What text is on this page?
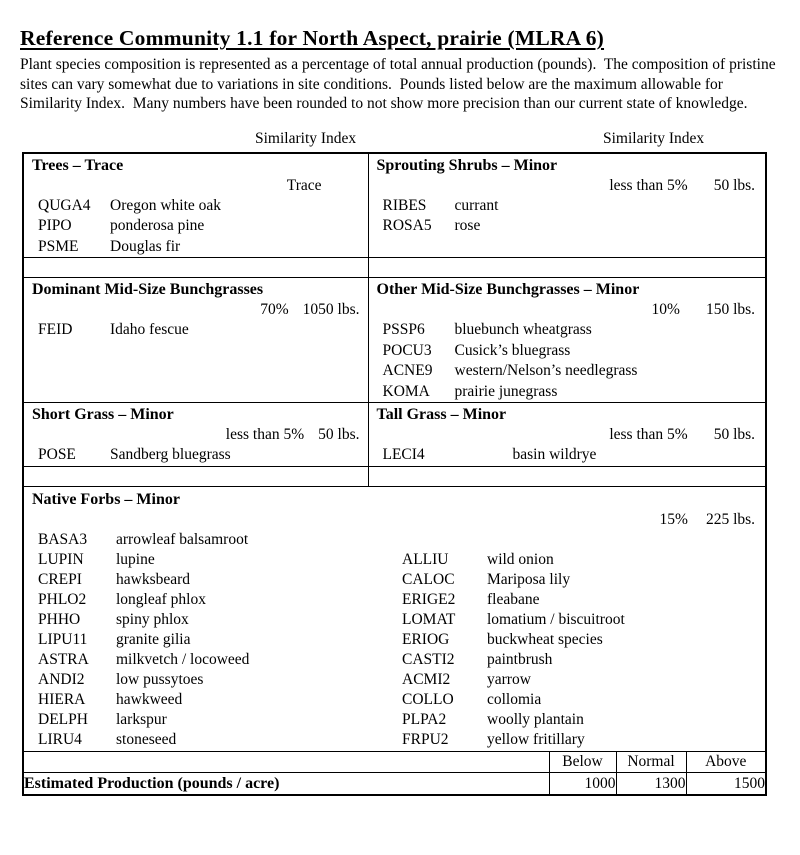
Reference Community 1.1 for North Aspect, prairie (MLRA 6)
Plant species composition is represented as a percentage of total annual production (pounds).  The composition of pristine sites can vary somewhat due to variations in site conditions.  Pounds listed below are the maximum allowable for Similarity Index.  Many numbers have been rounded to not show more precision than our current state of knowledge.
Similarity Index	Similarity Index
Trees – Trace
Trace
QUGA4	Oregon white oak
PIPO	ponderosa pine
PSME	Douglas fir

Sprouting Shrubs – Minor
less than 5% 50 lbs.
RIBES	currant
ROSA5	rose

Dominant Mid-Size Bunchgrasses
70% 1050 lbs.
FEID	Idaho fescue

Other Mid-Size Bunchgrasses – Minor
10% 150 lbs.
PSSP6	bluebunch wheatgrass
POCU3	Cusick’s bluegrass
ACNE9	western/Nelson’s needlegrass
KOMA	prairie junegrass

Short Grass – Minor
less than 5% 50 lbs.
POSE	Sandberg bluegrass

Tall Grass – Minor
less than 5% 50 lbs.
LECI4	basin wildrye

Native Forbs – Minor
15% 225 lbs.
BASA3	arrowleaf balsamroot
LUPIN	lupine	ALLIU	wild onion
CREPI	hawksbeard	CALOC	Mariposa lily
PHLO2	longleaf phlox	ERIGE2	fleabane
PHHO	spiny phlox	LOMAT	lomatium / biscuitroot
LIPU11	granite gilia	ERIOG	buckwheat species
ASTRA	milkvetch / locoweed	CASTI2	paintbrush
ANDI2	low pussytoes	ACMI2	yarrow
HIERA	hawkweed	COLLO	collomia
DELPH	larkspur	PLPA2	woolly plantain
LIRU4	stoneseed	FRPU2	yellow fritillary

		Below	Normal	Above
Estimated Production (pounds / acre)		1000	1300	1500
